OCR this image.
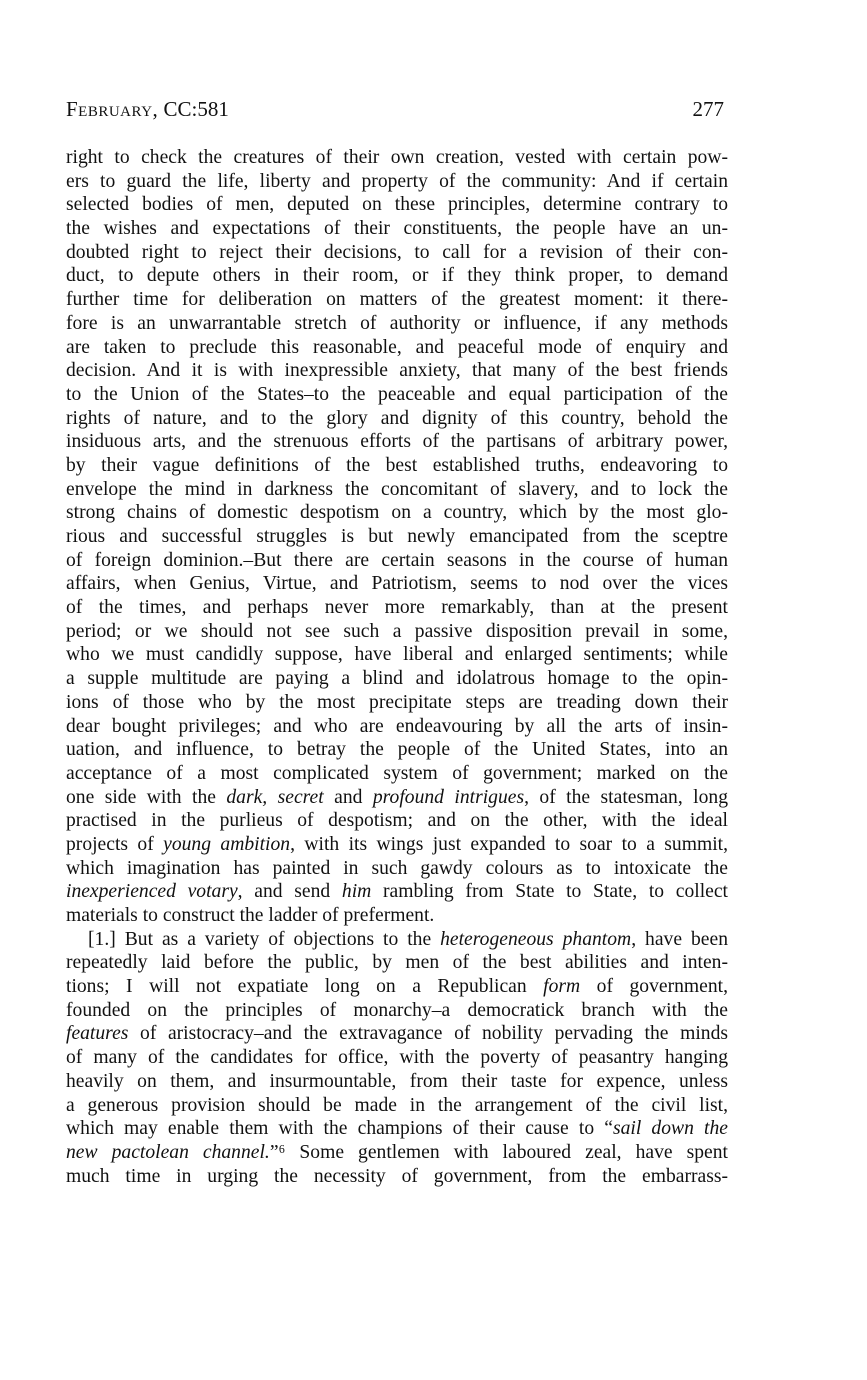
February, CC:581	277
right to check the creatures of their own creation, vested with certain pow-
ers to guard the life, liberty and property of the community: And if certain
selected bodies of men, deputed on these principles, determine contrary to
the wishes and expectations of their constituents, the people have an un-
doubted right to reject their decisions, to call for a revision of their con-
duct, to depute others in their room, or if they think proper, to demand
further time for deliberation on matters of the greatest moment: it there-
fore is an unwarrantable stretch of authority or influence, if any methods
are taken to preclude this reasonable, and peaceful mode of enquiry and
decision. And it is with inexpressible anxiety, that many of the best friends
to the Union of the States–to the peaceable and equal participation of the
rights of nature, and to the glory and dignity of this country, behold the
insiduous arts, and the strenuous efforts of the partisans of arbitrary power,
by their vague definitions of the best established truths, endeavoring to
envelope the mind in darkness the concomitant of slavery, and to lock the
strong chains of domestic despotism on a country, which by the most glo-
rious and successful struggles is but newly emancipated from the sceptre
of foreign dominion.–But there are certain seasons in the course of human
affairs, when Genius, Virtue, and Patriotism, seems to nod over the vices
of the times, and perhaps never more remarkably, than at the present
period; or we should not see such a passive disposition prevail in some,
who we must candidly suppose, have liberal and enlarged sentiments; while
a supple multitude are paying a blind and idolatrous homage to the opin-
ions of those who by the most precipitate steps are treading down their
dear bought privileges; and who are endeavouring by all the arts of insin-
uation, and influence, to betray the people of the United States, into an
acceptance of a most complicated system of government; marked on the
one side with the dark, secret and profound intrigues, of the statesman, long
practised in the purlieus of despotism; and on the other, with the ideal
projects of young ambition, with its wings just expanded to soar to a summit,
which imagination has painted in such gawdy colours as to intoxicate the
inexperienced votary, and send him rambling from State to State, to collect
materials to construct the ladder of preferment.
[1.] But as a variety of objections to the heterogeneous phantom, have been
repeatedly laid before the public, by men of the best abilities and inten-
tions; I will not expatiate long on a Republican form of government,
founded on the principles of monarchy–a democratick branch with the
features of aristocracy–and the extravagance of nobility pervading the minds
of many of the candidates for office, with the poverty of peasantry hanging
heavily on them, and insurmountable, from their taste for expence, unless
a generous provision should be made in the arrangement of the civil list,
which may enable them with the champions of their cause to “sail down the
new pactolean channel.”⁶ Some gentlemen with laboured zeal, have spent
much time in urging the necessity of government, from the embarrass-
